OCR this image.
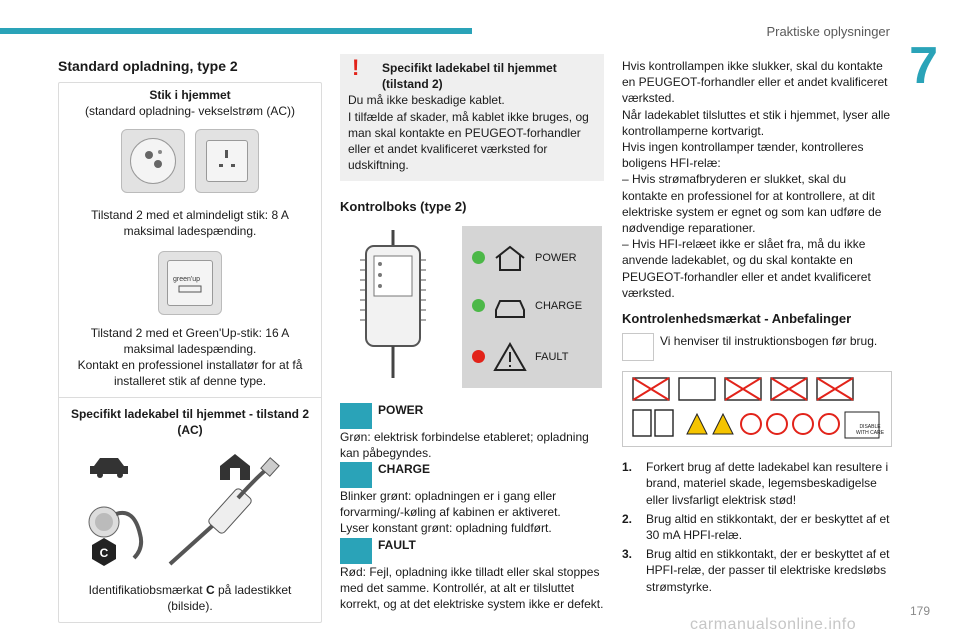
Praktiske oplysninger
7
Standard opladning, type 2
Stik i hjemmet
(standard opladning- vekselstrøm (AC))
Tilstand 2 med et almindeligt stik: 8 A maksimal ladespænding.
green'up
Tilstand 2 med et Green'Up-stik: 16 A maksimal ladespænding.
Kontakt en professionel installatør for at få installeret stik af denne type.
Specifikt ladekabel til hjemmet - tilstand 2 (AC)
C
Identifikatiobsmærkat C på ladestikket (bilside).
! Specifikt ladekabel til hjemmet (tilstand 2)
Du må ikke beskadige kablet.
I tilfælde af skader, må kablet ikke bruges, og man skal kontakte en PEUGEOT-forhandler eller et andet kvalificeret værksted for udskiftning.
Kontrolboks (type 2)
POWER
CHARGE
FAULT
POWER
Grøn: elektrisk forbindelse etableret; opladning kan påbegyndes.
CHARGE
Blinker grønt: opladningen er i gang eller forvarming/-køling af kabinen er aktiveret.
Lyser konstant grønt: opladning fuldført.
FAULT
Rød: Fejl, opladning ikke tilladt eller skal stoppes med det samme. Kontrollér, at alt er tilsluttet korrekt, og at det elektriske system ikke er defekt.

Hvis kontrollampen ikke slukker, skal du kontakte en PEUGEOT-forhandler eller et andet kvalificeret værksted.

Når ladekablet tilsluttes et stik i hjemmet, lyser alle kontrollamperne kortvarigt.

Hvis ingen kontrollamper tænder, kontrolleres boligens HFI-relæ:

– Hvis strømafbryderen er slukket, skal du kontakte en professionel for at kontrollere, at dit elektriske system er egnet og som kan udføre de nødvendige reparationer.

– Hvis HFI-relæet ikke er slået fra, må du ikke anvende ladekablet, og du skal kontakte en PEUGEOT-forhandler eller et andet kvalificeret værksted.

Kontrolenhedsmærkat - Anbefalinger
Vi henviser til instruktionsbogen før brug.
DISABLE WITH CARE
1.	Forkert brug af dette ladekabel kan resultere i brand, materiel skade, legemsbeskadigelse eller livsfarligt elektrisk stød!
2.	Brug altid en stikkontakt, der er beskyttet af et 30 mA HPFI-relæ.
3.	Brug altid en stikkontakt, der er beskyttet af et HPFI-relæ, der passer til elektriske kredsløbs strømstyrke.
179
carmanualsonline.info
